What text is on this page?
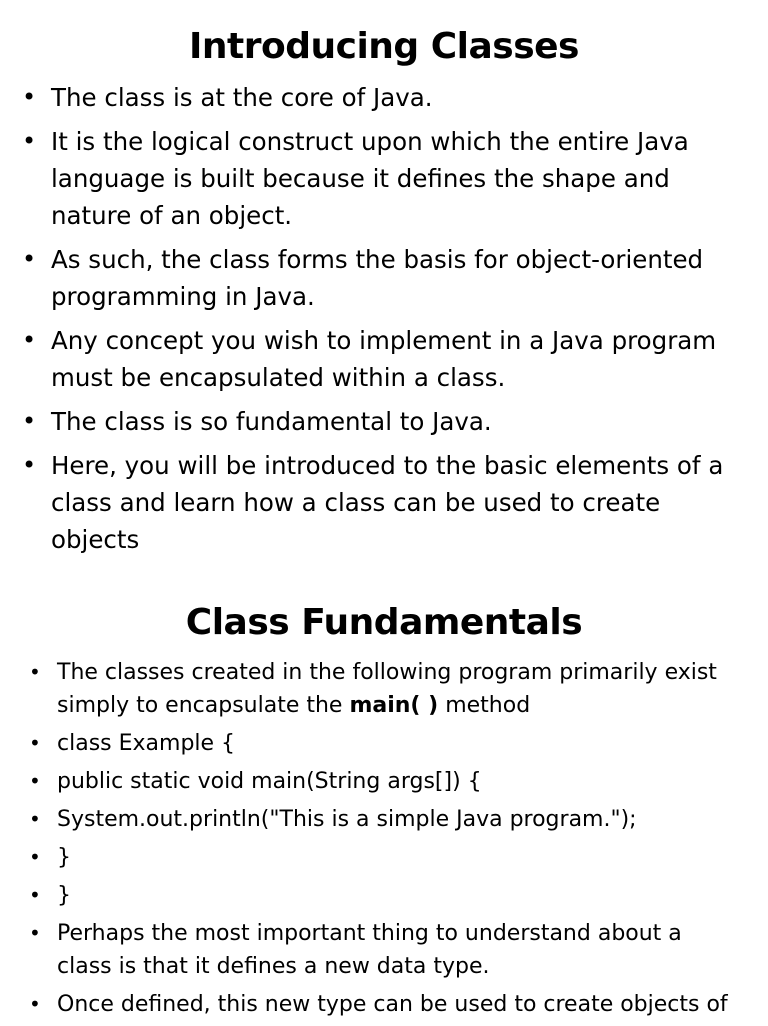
Introducing Classes
• The class is at the core of Java.
• It is the logical construct upon which the entire Java language is built because it defines the shape and nature of an object.
• As such, the class forms the basis for object-oriented programming in Java.
• Any concept you wish to implement in a Java program must be encapsulated within a class.
• The class is so fundamental to Java.
• Here, you will be introduced to the basic elements of a class and learn how a class can be used to create objects
Class Fundamentals
• The classes created in the following program primarily exist simply to encapsulate the main( ) method
• class Example {
• public static void main(String args[]) {
• System.out.println("This is a simple Java program.");
• }
• }
• Perhaps the most important thing to understand about a class is that it defines a new data type.
• Once defined, this new type can be used to create objects of
